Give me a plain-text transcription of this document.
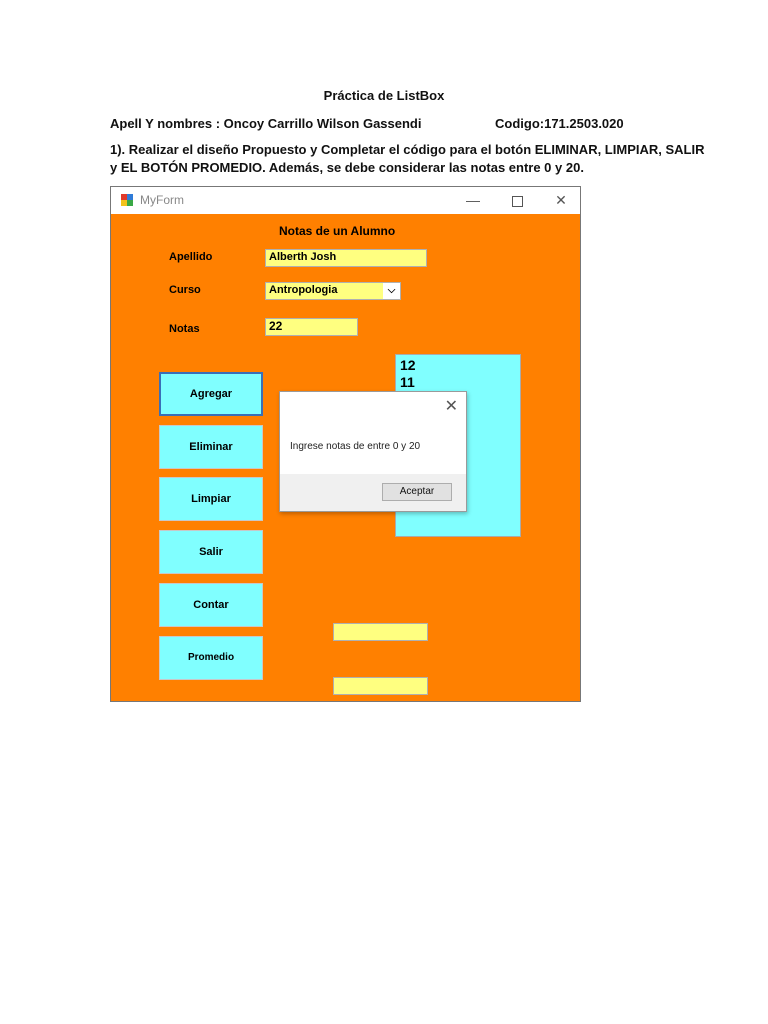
Práctica de ListBox
Apell Y nombres : Oncoy Carrillo Wilson Gassendi	Codigo:171.2503.020
1). Realizar el diseño Propuesto y Completar el código para el botón ELIMINAR, LIMPIAR, SALIR
y EL BOTÓN PROMEDIO. Además, se debe considerar las notas entre 0 y 20.
MyForm	—	✕
Notas de un Alumno
Apellido	Alberth Josh
Curso	Antropologia	⌵
Notas	22
Agregar
Eliminar
Limpiar
Salir
Contar
Promedio
12
11
✕
Ingrese notas de entre 0 y 20
Aceptar
